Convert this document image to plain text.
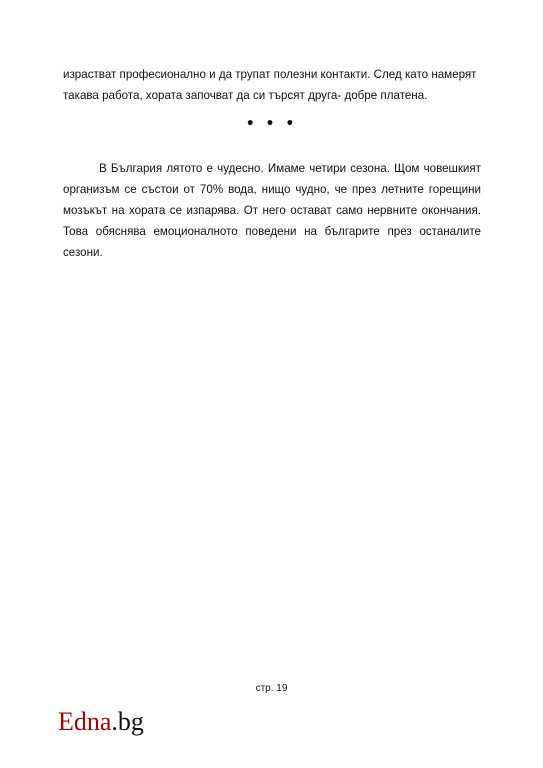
израстват професионално и да трупат полезни контакти. След като намерят

такава работа, хората започват да си търсят друга- добре платена.

• • •

В България лятото е чудесно. Имаме четири сезона. Щом човешкият организъм се състои от 70% вода, нищо чудно, че през летните горещини мозъкът на хората се изпарява. От него остават само нервните окончания. Това обяснява емоционалното поведени на българите през останалите сезони.

стр. 19
Edna.bg
